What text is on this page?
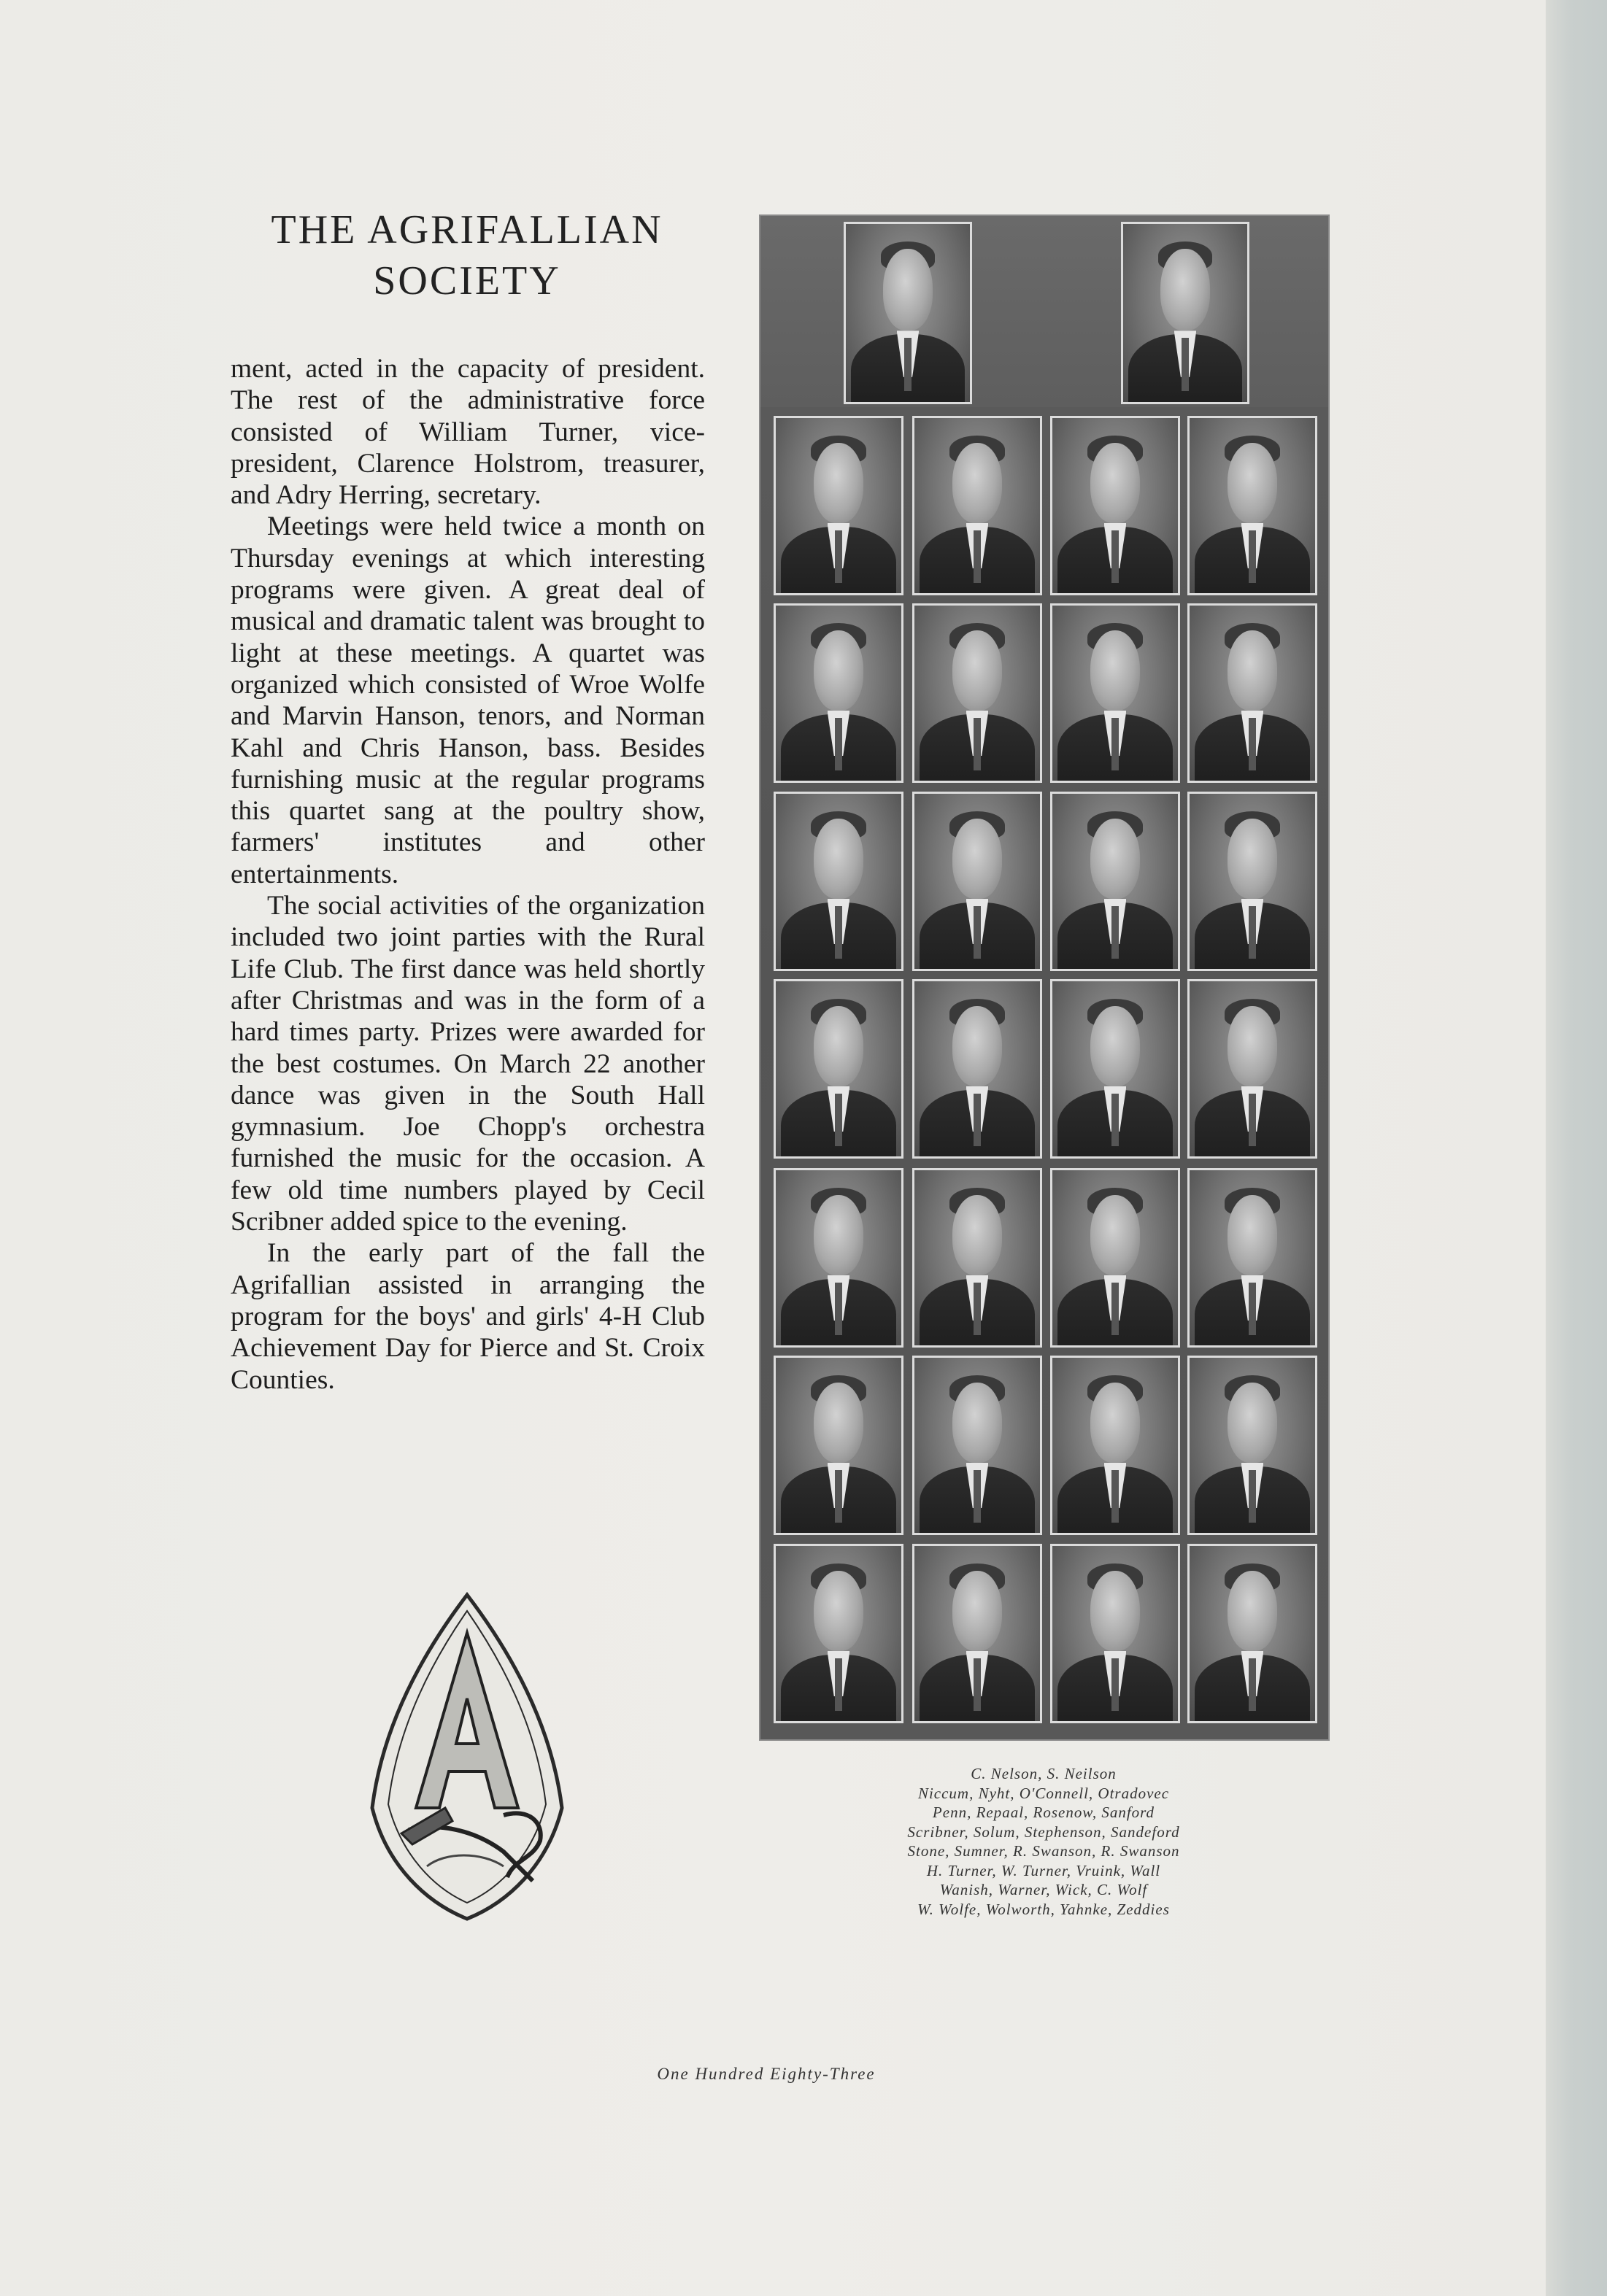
THE AGRIFALLIAN
SOCIETY

ment, acted in the capacity of president. The rest of the administrative force consisted of William Turner, vice-president, Clarence Holstrom, treasurer, and Adry Herring, secretary.

Meetings were held twice a month on Thursday evenings at which interesting programs were given. A great deal of musical and dramatic talent was brought to light at these meetings. A quartet was organized which consisted of Wroe Wolfe and Marvin Hanson, tenors, and Norman Kahl and Chris Hanson, bass. Besides furnishing music at the regular programs this quartet sang at the poultry show, farmers' institutes and other entertainments.

The social activities of the organization included two joint parties with the Rural Life Club. The first dance was held shortly after Christmas and was in the form of a hard times party. Prizes were awarded for the best costumes. On March 22 another dance was given in the South Hall gymnasium. Joe Chopp's orchestra furnished the music for the occasion. A few old time numbers played by Cecil Scribner added spice to the evening.

In the early part of the fall the Agrifallian assisted in arranging the program for the boys' and girls' 4-H Club Achievement Day for Pierce and St. Croix Counties.

C. Nelson, S. Neilson
Niccum, Nyht, O'Connell, Otradovec
Penn, Repaal, Rosenow, Sanford
Scribner, Solum, Stephenson, Sandeford
Stone, Sumner, R. Swanson, R. Swanson
H. Turner, W. Turner, Vruink, Wall
Wanish, Warner, Wick, C. Wolf
W. Wolfe, Wolworth, Yahnke, Zeddies
One Hundred Eighty-Three
